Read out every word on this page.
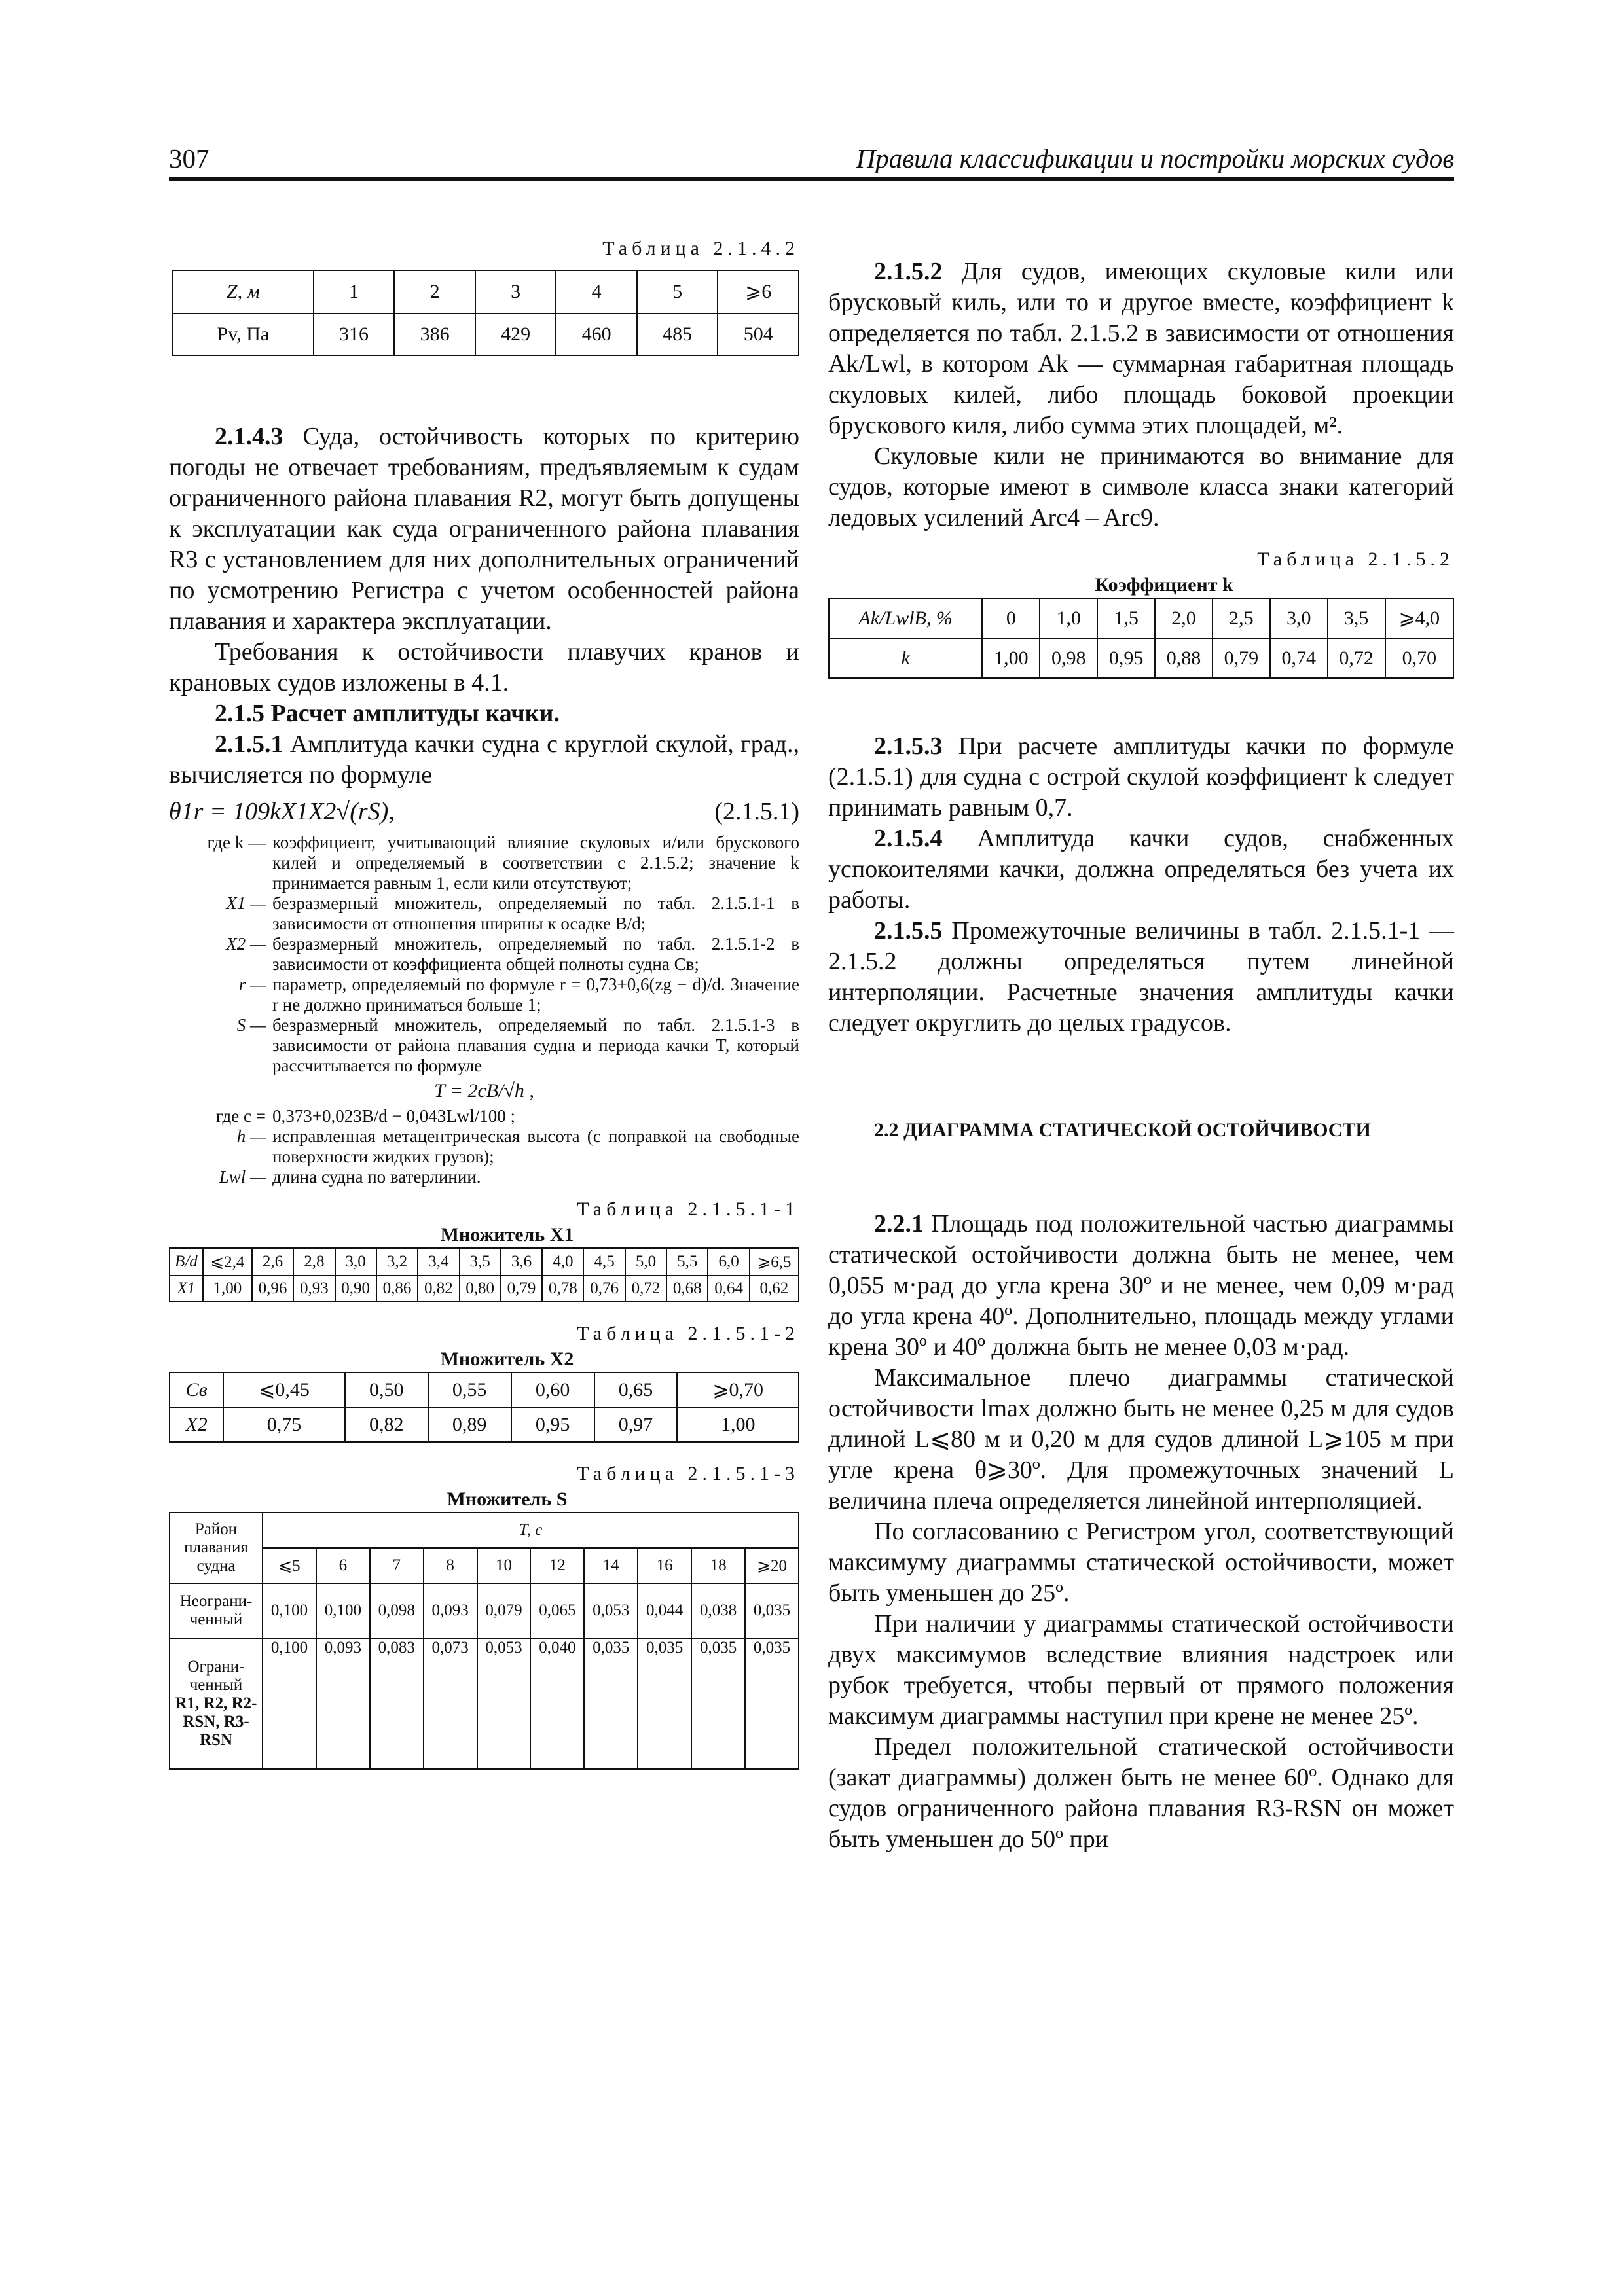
307	Правила классификации и постройки морских судов

Таблица 2.1.4.2

Z, м	1	2	3	4	5	⩾6
Pv, Па	316	386	429	460	485	504

2.1.4.3 Суда, остойчивость которых по критерию погоды не отвечает требованиям, предъявляемым к судам ограниченного района плавания R2, могут быть допущены к эксплуатации как суда ограниченного района плавания R3 с установлением для них дополнительных ограничений по усмотрению Регистра с учетом особенностей района плавания и характера эксплуатации.

Требования к остойчивости плавучих кранов и крановых судов изложены в 4.1.

2.1.5 Расчет амплитуды качки.

2.1.5.1 Амплитуда качки судна с круглой скулой, град., вычисляется по формуле

θ1r = 109kX1X2√(rS),	(2.1.5.1)
где k — коэффициент, учитывающий влияние скуловых и/или брускового килей и определяемый в соответствии с 2.1.5.2; значение k принимается равным 1, если кили отсутствуют;
X1 — безразмерный множитель, определяемый по табл. 2.1.5.1-1 в зависимости от отношения ширины к осадке B/d;
X2 — безразмерный множитель, определяемый по табл. 2.1.5.1-2 в зависимости от коэффициента общей полноты судна Cв;
r — параметр, определяемый по формуле r = 0,73+0,6(zg − d)/d. Значение r не должно приниматься больше 1;
S — безразмерный множитель, определяемый по табл. 2.1.5.1-3 в зависимости от района плавания судна и периода качки T, который рассчитывается по формуле
T = 2cB/√h ,
где c = 0,373+0,023B/d − 0,043Lwl/100 ;
h — исправленная метацентрическая высота (с поправкой на свободные поверхности жидких грузов);
Lwl — длина судна по ватерлинии.

Таблица 2.1.5.1-1

Множитель X1

B/d	⩽2,4	2,6	2,8	3,0	3,2	3,4	3,5	3,6	4,0	4,5	5,0	5,5	6,0	⩾6,5
X1	1,00	0,96	0,93	0,90	0,86	0,82	0,80	0,79	0,78	0,76	0,72	0,68	0,64	0,62

Таблица 2.1.5.1-2

Множитель X2

Cв	⩽0,45	0,50	0,55	0,60	0,65	⩾0,70
X2	0,75	0,82	0,89	0,95	0,97	1,00

Таблица 2.1.5.1-3

Множитель S

Район плавания судна	T, с									
	⩽5	6	7	8	10	12	14	16	18	⩾20
Неограни-ченный	0,100	0,100	0,098	0,093	0,079	0,065	0,053	0,044	0,038	0,035

Ограни-ченный
R1, R2, R2-RSN, R3-RSN	0,100	0,093	0,083	0,073	0,053	0,040	0,035	0,035	0,035	0,035

2.1.5.2 Для судов, имеющих скуловые кили или брусковый киль, или то и другое вместе, коэффициент k определяется по табл. 2.1.5.2 в зависимости от отношения Ak/Lwl, в котором Ak — суммарная габаритная площадь скуловых килей, либо площадь боковой проекции брускового киля, либо сумма этих площадей, м².

Скуловые кили не принимаются во внимание для судов, которые имеют в символе класса знаки категорий ледовых усилений Arc4 – Arc9.

Таблица 2.1.5.2

Коэффициент k

Ak/LwlB, %	0	1,0	1,5	2,0	2,5	3,0	3,5	⩾4,0
k	1,00	0,98	0,95	0,88	0,79	0,74	0,72	0,70

2.1.5.3 При расчете амплитуды качки по формуле (2.1.5.1) для судна с острой скулой коэффициент k следует принимать равным 0,7.

2.1.5.4 Амплитуда качки судов, снабженных успокоителями качки, должна определяться без учета их работы.

2.1.5.5 Промежуточные величины в табл. 2.1.5.1-1 — 2.1.5.2 должны определяться путем линейной интерполяции. Расчетные значения амплитуды качки следует округлить до целых градусов.

2.2 ДИАГРАММА СТАТИЧЕСКОЙ ОСТОЙЧИВОСТИ

2.2.1 Площадь под положительной частью диаграммы статической остойчивости должна быть не менее, чем 0,055 м·рад до угла крена 30º и не менее, чем 0,09 м·рад до угла крена 40º. Дополнительно, площадь между углами крена 30º и 40º должна быть не менее 0,03 м·рад.

Максимальное плечо диаграммы статической остойчивости lmax должно быть не менее 0,25 м для судов длиной L⩽80 м и 0,20 м для судов длиной L⩾105 м при угле крена θ⩾30º. Для промежуточных значений L величина плеча определяется линейной интерполяцией.

По согласованию с Регистром угол, соответствующий максимуму диаграммы статической остойчивости, может быть уменьшен до 25º.

При наличии у диаграммы статической остойчивости двух максимумов вследствие влияния надстроек или рубок требуется, чтобы первый от прямого положения максимум диаграммы наступил при крене не менее 25º.

Предел положительной статической остойчивости (закат диаграммы) должен быть не менее 60º. Однако для судов ограниченного района плавания R3-RSN он может быть уменьшен до 50º при
